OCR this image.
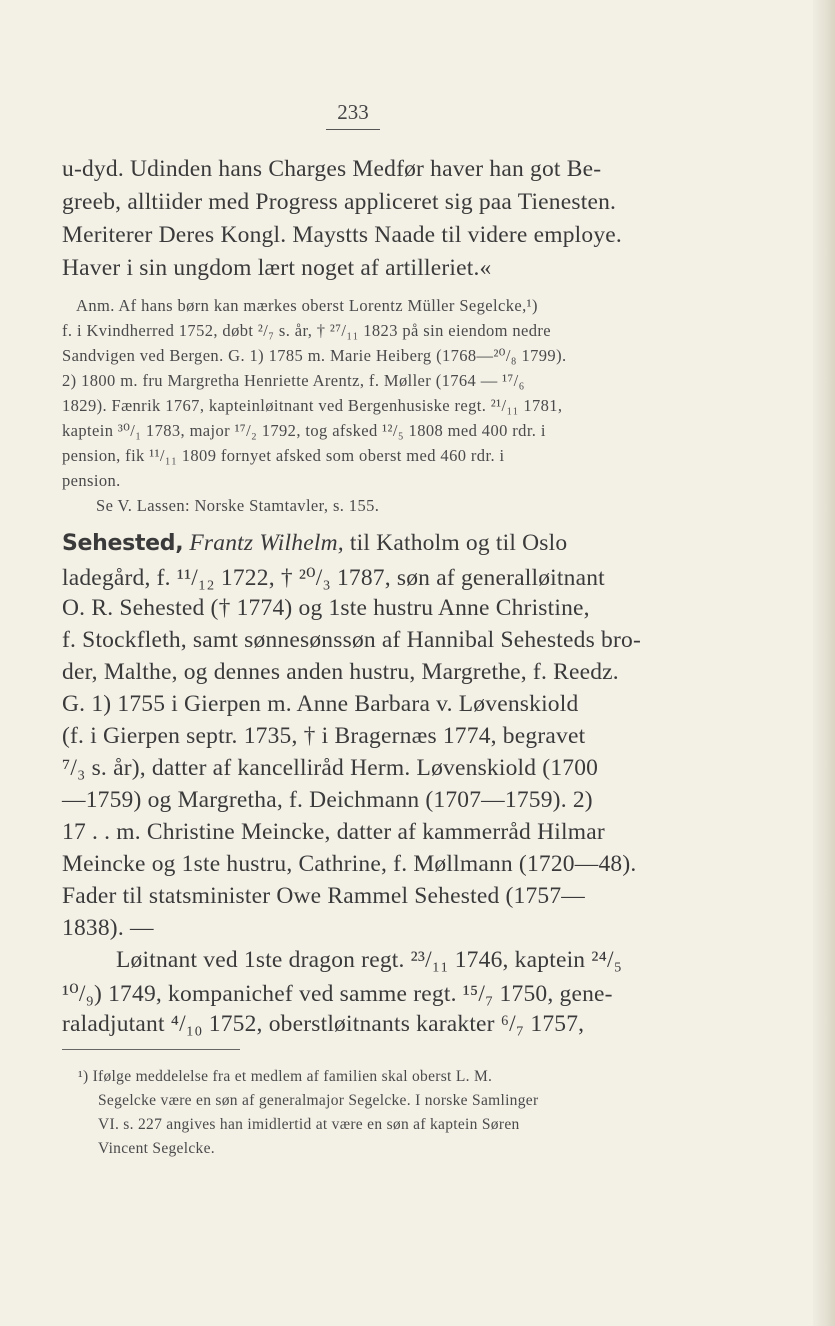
233
u-dyd. Udinden hans Charges Medfør haver han got Be-
greeb, alltiider med Progress appliceret sig paa Tienesten.
Meriterer Deres Kongl. Maystts Naade til videre employe.
Haver i sin ungdom lært noget af artilleriet.«
Anm. Af hans børn kan mærkes oberst Lorentz Müller Segelcke,¹)
f. i Kvindherred 1752, døbt ²/₇ s. år, † ²⁷/₁₁ 1823 på sin eiendom nedre
Sandvigen ved Bergen. G. 1) 1785 m. Marie Heiberg (1768—²⁰/₈ 1799).
2) 1800 m. fru Margretha Henriette Arentz, f. Møller (1764 — ¹⁷/₆
1829). Fænrik 1767, kapteinløitnant ved Bergenhusiske regt. ²¹/₁₁ 1781,
kaptein ³⁰/₁ 1783, major ¹⁷/₂ 1792, tog afsked ¹²/₅ 1808 med 400 rdr. i
pension, fik ¹¹/₁₁ 1809 fornyet afsked som oberst med 460 rdr. i
pension.
Se V. Lassen: Norske Stamtavler, s. 155.
Sehested, Frantz Wilhelm, til Katholm og til Oslo
ladegård, f. ¹¹/₁₂ 1722, † ²⁰/₃ 1787, søn af generalløitnant
O. R. Sehested († 1774) og 1ste hustru Anne Christine,
f. Stockfleth, samt sønnesønssøn af Hannibal Sehesteds bro-
der, Malthe, og dennes anden hustru, Margrethe, f. Reedz.
G. 1) 1755 i Gierpen m. Anne Barbara v. Løvenskiold
(f. i Gierpen septr. 1735, † i Bragernæs 1774, begravet
⁷/₃ s. år), datter af kancelliråd Herm. Løvenskiold (1700
—1759) og Margretha, f. Deichmann (1707—1759). 2)
17 . . m. Christine Meincke, datter af kammerråd Hilmar
Meincke og 1ste hustru, Cathrine, f. Møllmann (1720—48).
Fader til statsminister Owe Rammel Sehested (1757—
1838). —
Løitnant ved 1ste dragon regt. ²³/₁₁ 1746, kaptein ²⁴/₅
¹⁰/₉) 1749, kompanichef ved samme regt. ¹⁵/₇ 1750, gene-
raladjutant ⁴/₁₀ 1752, oberstløitnants karakter ⁶/₇ 1757,
¹) Ifølge meddelelse fra et medlem af familien skal oberst L. M.
Segelcke være en søn af generalmajor Segelcke. I norske Samlinger
VI. s. 227 angives han imidlertid at være en søn af kaptein Søren
Vincent Segelcke.
